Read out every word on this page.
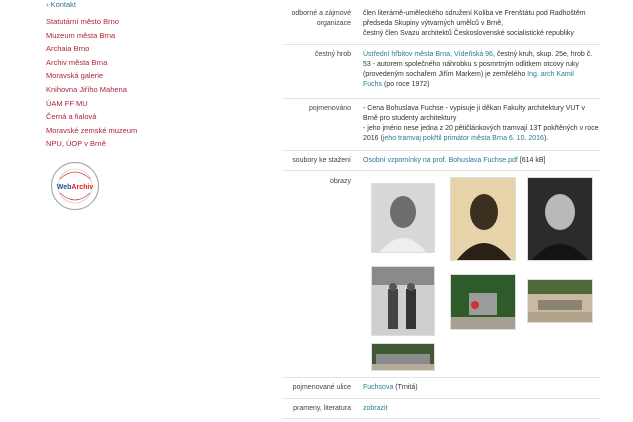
› Kontakt
Statutární město Brno
Muzeum města Brna
Archaia Brno
Archiv města Brna
Moravská galerie
Knihovna Jiřího Mahena
ÚAM FF MU
Černá a fialová
Moravské zemské muzeum
NPU, ÚOP v Brně
WebArchiv
odborné a zájmové organizace
člen literárně-uměleckého sdružení Koliba ve Frenštátu pod Radhoštěm
předseda Skupiny výtvarných umělců v Brně,
čestný člen Svazu architektů Československé socialistické republiky
čestný hrob Ústřední hřbitov města Brna, Vídeňská 96, čestný kruh, skup. 25e, hrob č.
53 - autorem společného náhrobku s posmrtným odlitkem otcovy ruky
(provedeným sochařem Jiřím Markem) je zemřelého Ing. arch Kamil
Fuchs (po roce 1972)
pojmenováno - Cena Bohuslava Fuchse - vypisuje ji děkan Fakulty architektury VUT v
Brně pro studenty architektury
- jeho jméno nese jedna z 20 pětičlánkových tramvají 13T pokřtěných v roce
2016 (jeho tramvaj pokřtil primátor města Brna 6. 10. 2016).
soubory ke stažení Osobní vzpomínky na prof. Bohuslava Fuchse.pdf [614 kB]
obrazy
pojmenované ulice Fuchsova (Trnitá)
prameny, literatura zobrazit
